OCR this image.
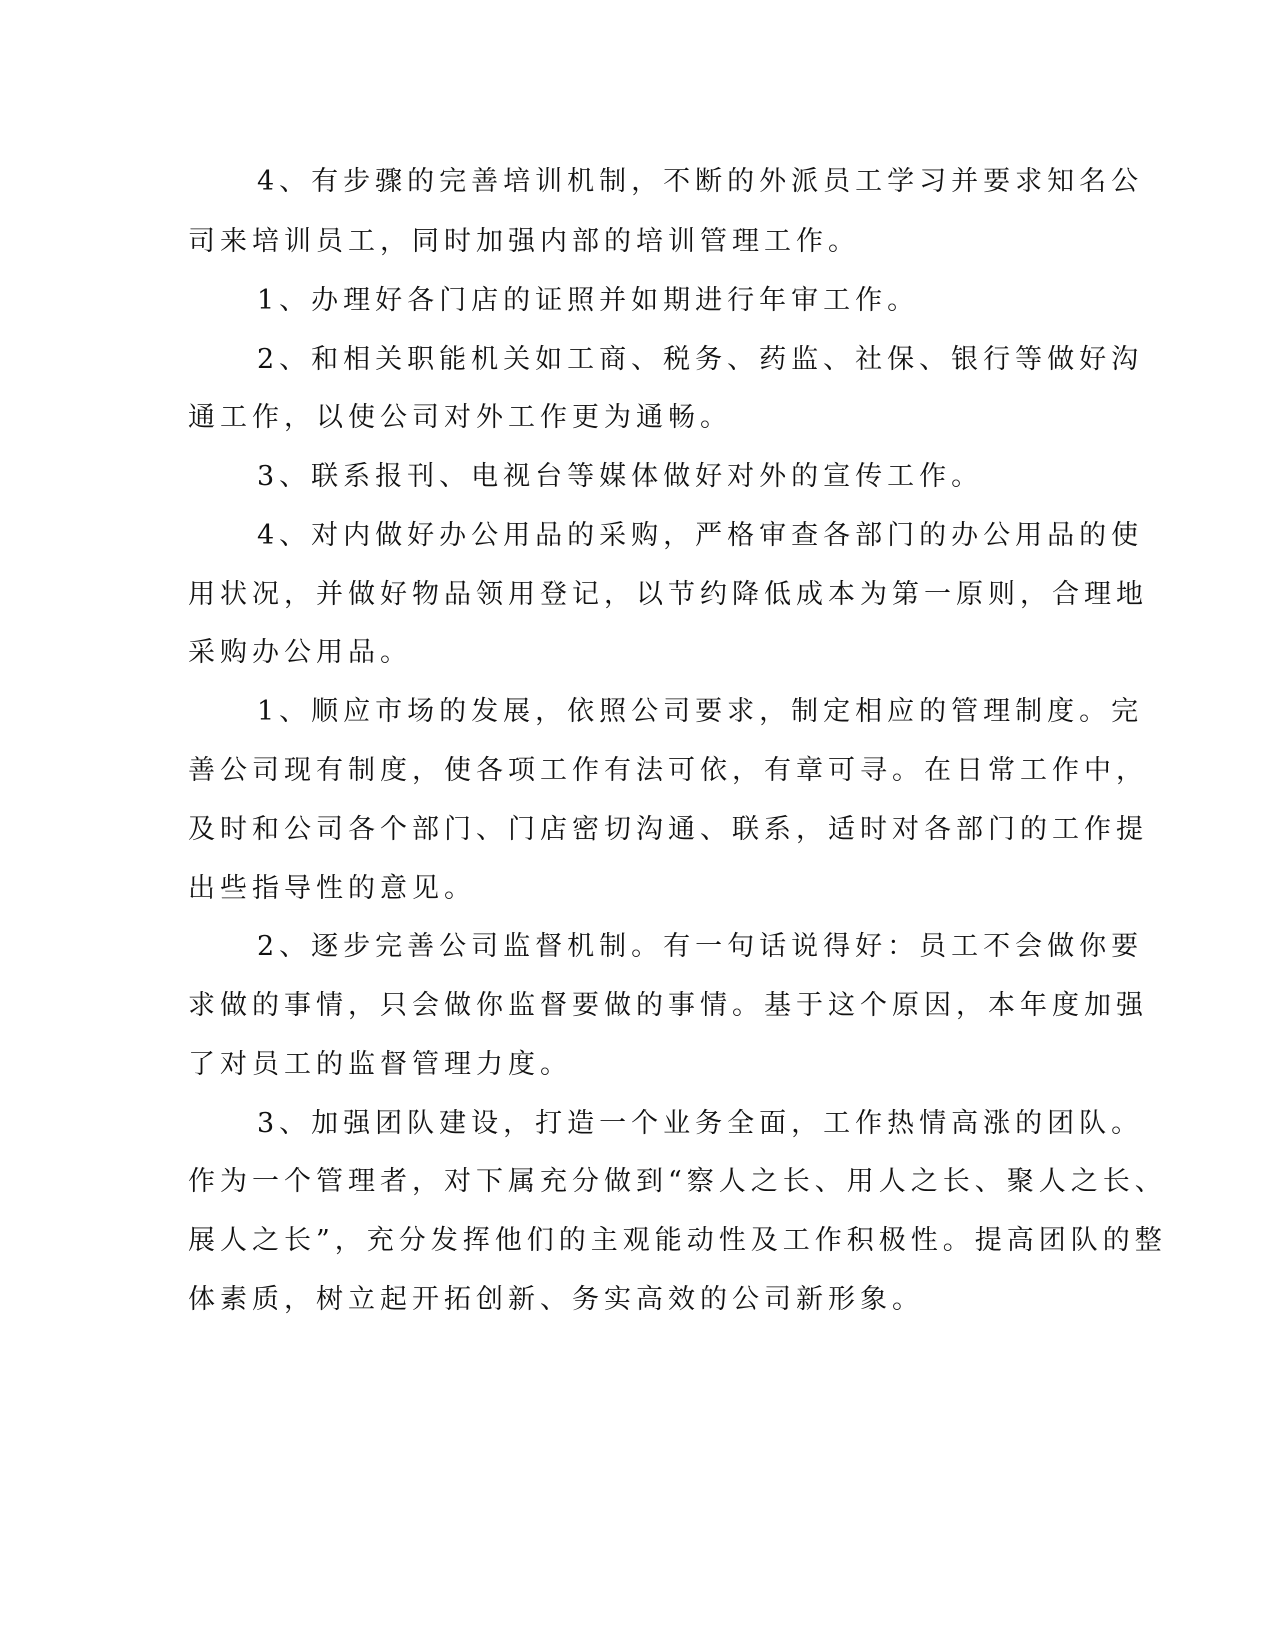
4、有步骤的完善培训机制，不断的外派员工学习并要求知名公

司来培训员工，同时加强内部的培训管理工作。

1、办理好各门店的证照并如期进行年审工作。

2、和相关职能机关如工商、税务、药监、社保、银行等做好沟

通工作，以使公司对外工作更为通畅。

3、联系报刊、电视台等媒体做好对外的宣传工作。

4、对内做好办公用品的采购，严格审查各部门的办公用品的使

用状况，并做好物品领用登记，以节约降低成本为第一原则，合理地

采购办公用品。

1、顺应市场的发展，依照公司要求，制定相应的管理制度。完

善公司现有制度，使各项工作有法可依，有章可寻。在日常工作中，

及时和公司各个部门、门店密切沟通、联系，适时对各部门的工作提

出些指导性的意见。

2、逐步完善公司监督机制。有一句话说得好：员工不会做你要

求做的事情，只会做你监督要做的事情。基于这个原因，本年度加强

了对员工的监督管理力度。

3、加强团队建设，打造一个业务全面，工作热情高涨的团队。

作为一个管理者，对下属充分做到“察人之长、用人之长、聚人之长、

展人之长”，充分发挥他们的主观能动性及工作积极性。提高团队的整

体素质，树立起开拓创新、务实高效的公司新形象。
